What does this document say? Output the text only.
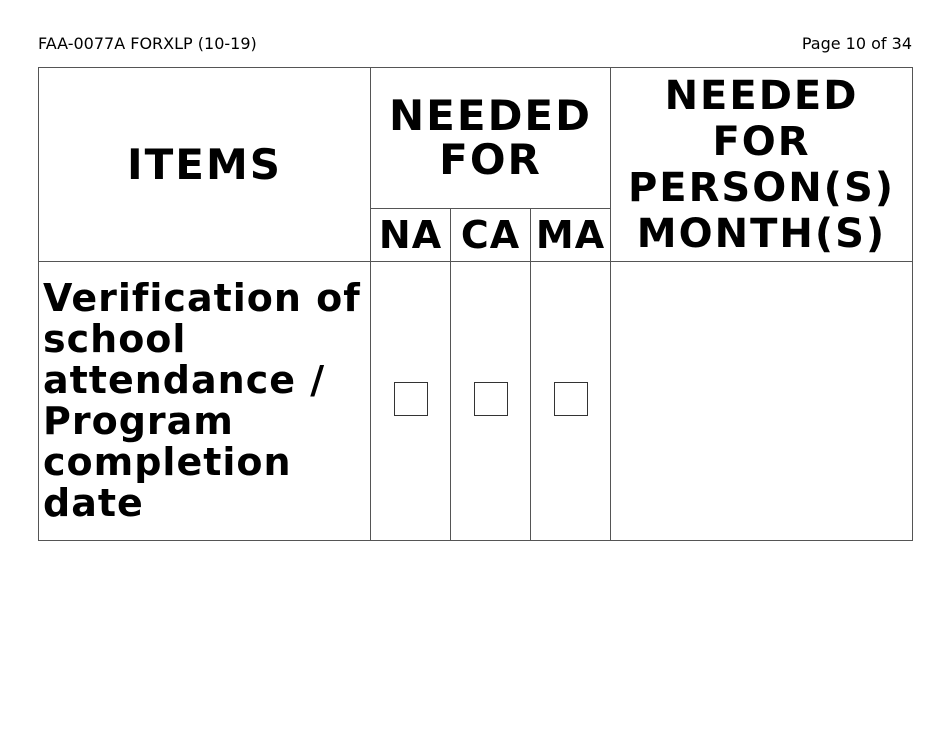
FAA-0077A FORXLP (10-19)	Page 10 of 34
ITEMS	NEEDED FOR			NEEDED FOR PERSON(S)
MONTH(S)

	NA	CA	MA	
Verification of school attendance / Program completion date				
